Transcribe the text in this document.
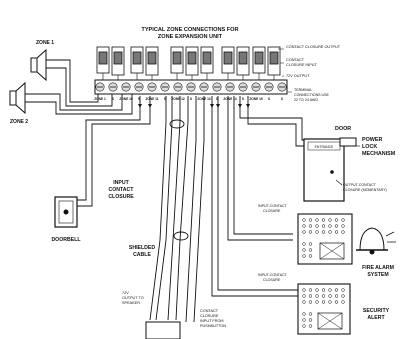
TYPICAL ZONE CONNECTIONS FOR
ZONE EXPANSION UNIT
CONTACT CLOSURE OUTPUT
CONTACT
CLOSURE INPUT
72V OUTPUT
TERMINAL
CONNECTIONS USE
22 TO 24 AWG
ZONE 1 S ZONE 10 S ZONE 11 S ZONE 12 S ZONE 13 S ZONE 14 S ZONE 15 S	S
ZONE 1
ZONE 2
INPUT
CONTACT
CLOSURE
DOORBELL
SHIELDED
CABLE
72V
OUTPUT TO
SPEAKER
CONTACT
CLOSURE
INPUT FROM
PUSHBUTTON
DOOR
ENTRANCE
POWER
LOCK
MECHANISM
OUTPUT-CONTACT
CLOSURE (MOMENTARY)
INPUT-CONTACT
CLOSURE
FIRE ALARM
SYSTEM
INPUT-CONTACT
CLOSURE
SECURITY
ALERT
